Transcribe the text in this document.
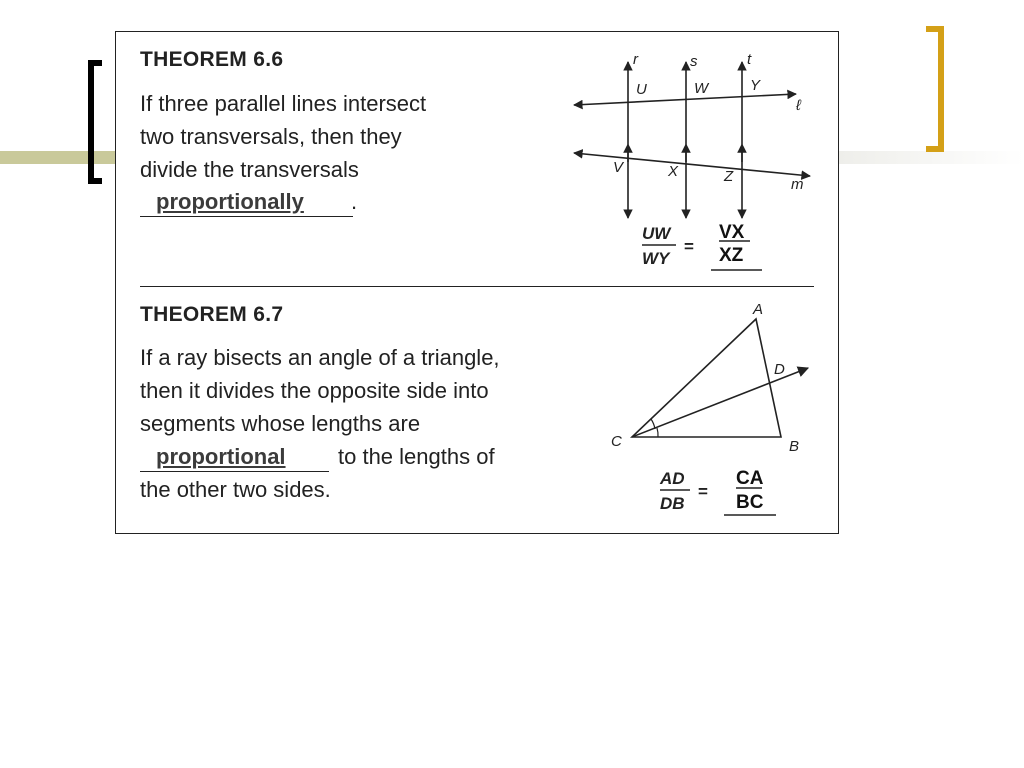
THEOREM 6.6
If three parallel lines intersect
two transversals, then they
divide the transversals
proportionally .
r	s	t
U	W	Y
ℓ
V	X	Z	m
UW
WY
=
VX
XZ
THEOREM 6.7
If a ray bisects an angle of a triangle,
then it divides the opposite side into
segments whose lengths are
proportional to the lengths of
the other two sides.
A
D
C	B
AD
DB
=
CA
BC
